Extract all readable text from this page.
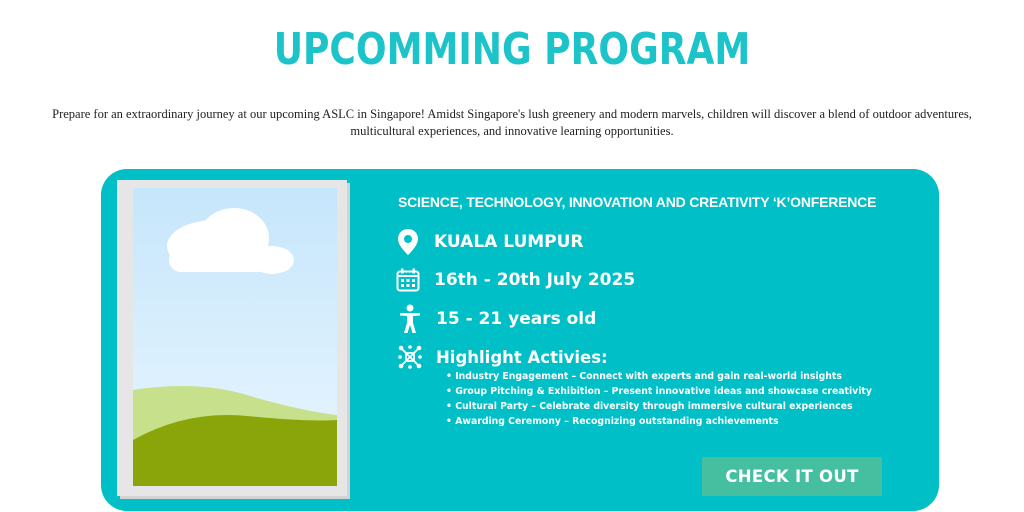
UPCOMMING PROGRAM

Prepare for an extraordinary journey at our upcoming ASLC in Singapore! Amidst Singapore's lush greenery and modern marvels, children will discover a blend of outdoor adventures, multicultural experiences, and innovative learning opportunities.

SCIENCE, TECHNOLOGY, INNOVATION AND CREATIVITY ‘K’ONFERENCE
KUALA LUMPUR
16th - 20th July 2025
15 - 21 years old
Highlight Activies:
• Industry Engagement – Connect with experts and gain real-world insights
• Group Pitching & Exhibition – Present innovative ideas and showcase creativity
• Cultural Party – Celebrate diversity through immersive cultural experiences
• Awarding Ceremony – Recognizing outstanding achievements
CHECK IT OUT
